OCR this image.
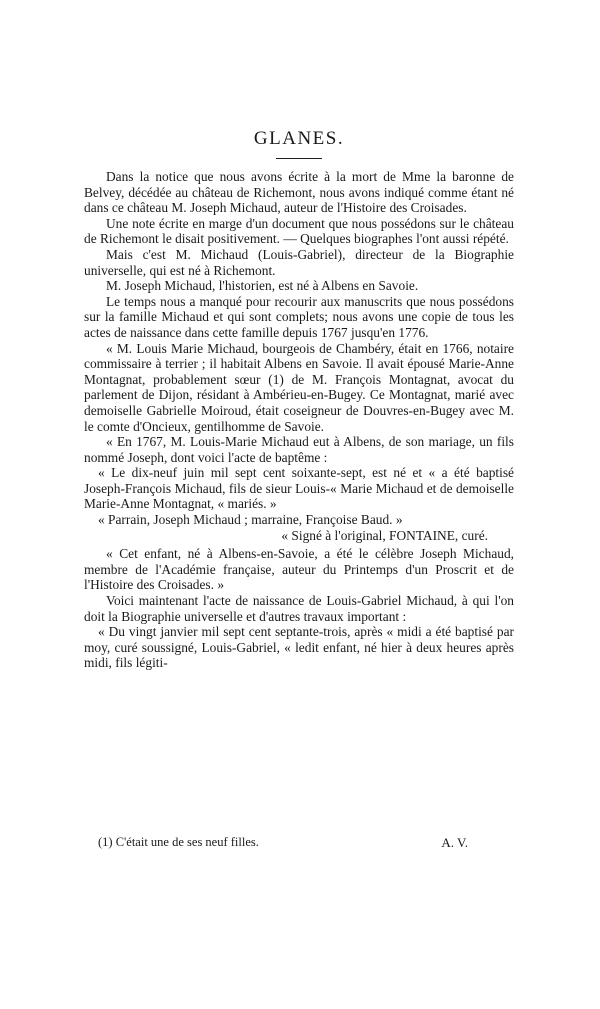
GLANES.

Dans la notice que nous avons écrite à la mort de Mme la baronne de Belvey, décédée au château de Richemont, nous avons indiqué comme étant né dans ce château M. Joseph Michaud, auteur de l'Histoire des Croisades.

Une note écrite en marge d'un document que nous possédons sur le château de Richemont le disait positivement. — Quelques biographes l'ont aussi répété.

Mais c'est M. Michaud (Louis-Gabriel), directeur de la Biographie universelle, qui est né à Richemont.

M. Joseph Michaud, l'historien, est né à Albens en Savoie.

Le temps nous a manqué pour recourir aux manuscrits que nous possédons sur la famille Michaud et qui sont complets; nous avons une copie de tous les actes de naissance dans cette famille depuis 1767 jusqu'en 1776.

« M. Louis Marie Michaud, bourgeois de Chambéry, était en 1766, notaire commissaire à terrier ; il habitait Albens en Savoie. Il avait épousé Marie-Anne Montagnat, probablement sœur (1) de M. François Montagnat, avocat du parlement de Dijon, résidant à Ambérieu-en-Bugey. Ce Montagnat, marié avec demoiselle Gabrielle Moiroud, était coseigneur de Douvres-en-Bugey avec M. le comte d'Oncieux, gentilhomme de Savoie.

« En 1767, M. Louis-Marie Michaud eut à Albens, de son mariage, un fils nommé Joseph, dont voici l'acte de baptême :

« Le dix-neuf juin mil sept cent soixante-sept, est né et « a été baptisé Joseph-François Michaud, fils de sieur Louis-« Marie Michaud et de demoiselle Marie-Anne Montagnat, « mariés. »

« Parrain, Joseph Michaud ; marraine, Françoise Baud. »

« Signé à l'original, FONTAINE, curé.

« Cet enfant, né à Albens-en-Savoie, a été le célèbre Joseph Michaud, membre de l'Académie française, auteur du Printemps d'un Proscrit et de l'Histoire des Croisades. »

Voici maintenant l'acte de naissance de Louis-Gabriel Michaud, à qui l'on doit la Biographie universelle et d'autres travaux important :

« Du vingt janvier mil sept cent septante-trois, après « midi a été baptisé par moy, curé soussigné, Louis-Gabriel, « ledit enfant, né hier à deux heures après midi, fils légiti-

(1) C'était une de ses neuf filles.	A. V.
